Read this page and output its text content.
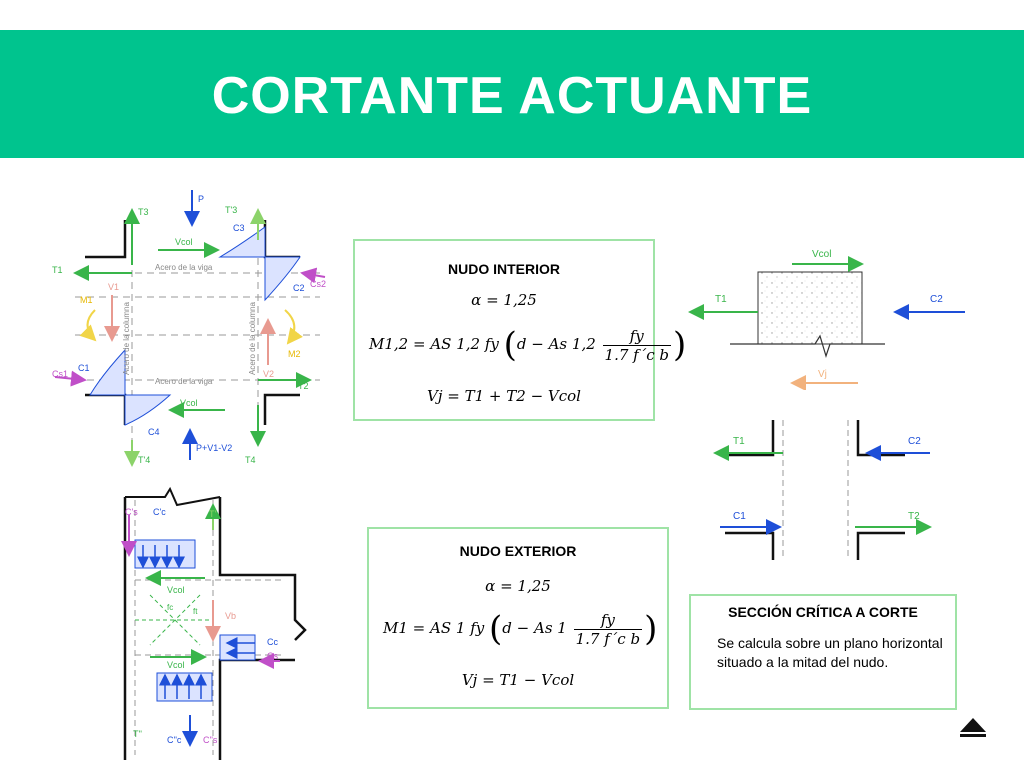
CORTANTE ACTUANTE
P
T3	T'3
C3
Vcol
T1	Acero de la viga
Cs2
C2
V1
M1
Acero de la columna	Acero de la columna	M2
V2
Cs1
C1
T2
Acero de la viga
Vcol
C4
P+V1-V2
T'4	T4
C's C'c	T'
Vcol
fc ft	Vb
Cc
Cs
Vcol
T''
C''c C''s
NUDO INTERIOR
α = 1,25
M1,2 = AS 1,2 fy (d − As $1,2 \frac{fy}{\text{1.7 f´c b}}$ )
Vj = T1 + T2 − Vcol
NUDO EXTERIOR
α = 1,25
M1 = AS 1 fy (d − As $1 \frac{fy}{\text{1.7 f´c b}}$ )
Vj = T1 − Vcol
Vcol
T1	C2
Vj
T1	C2
C1	T2
SECCIÓN CRÍTICA A CORTE
Se calcula sobre un plano horizontal situado a la mitad del nudo.
